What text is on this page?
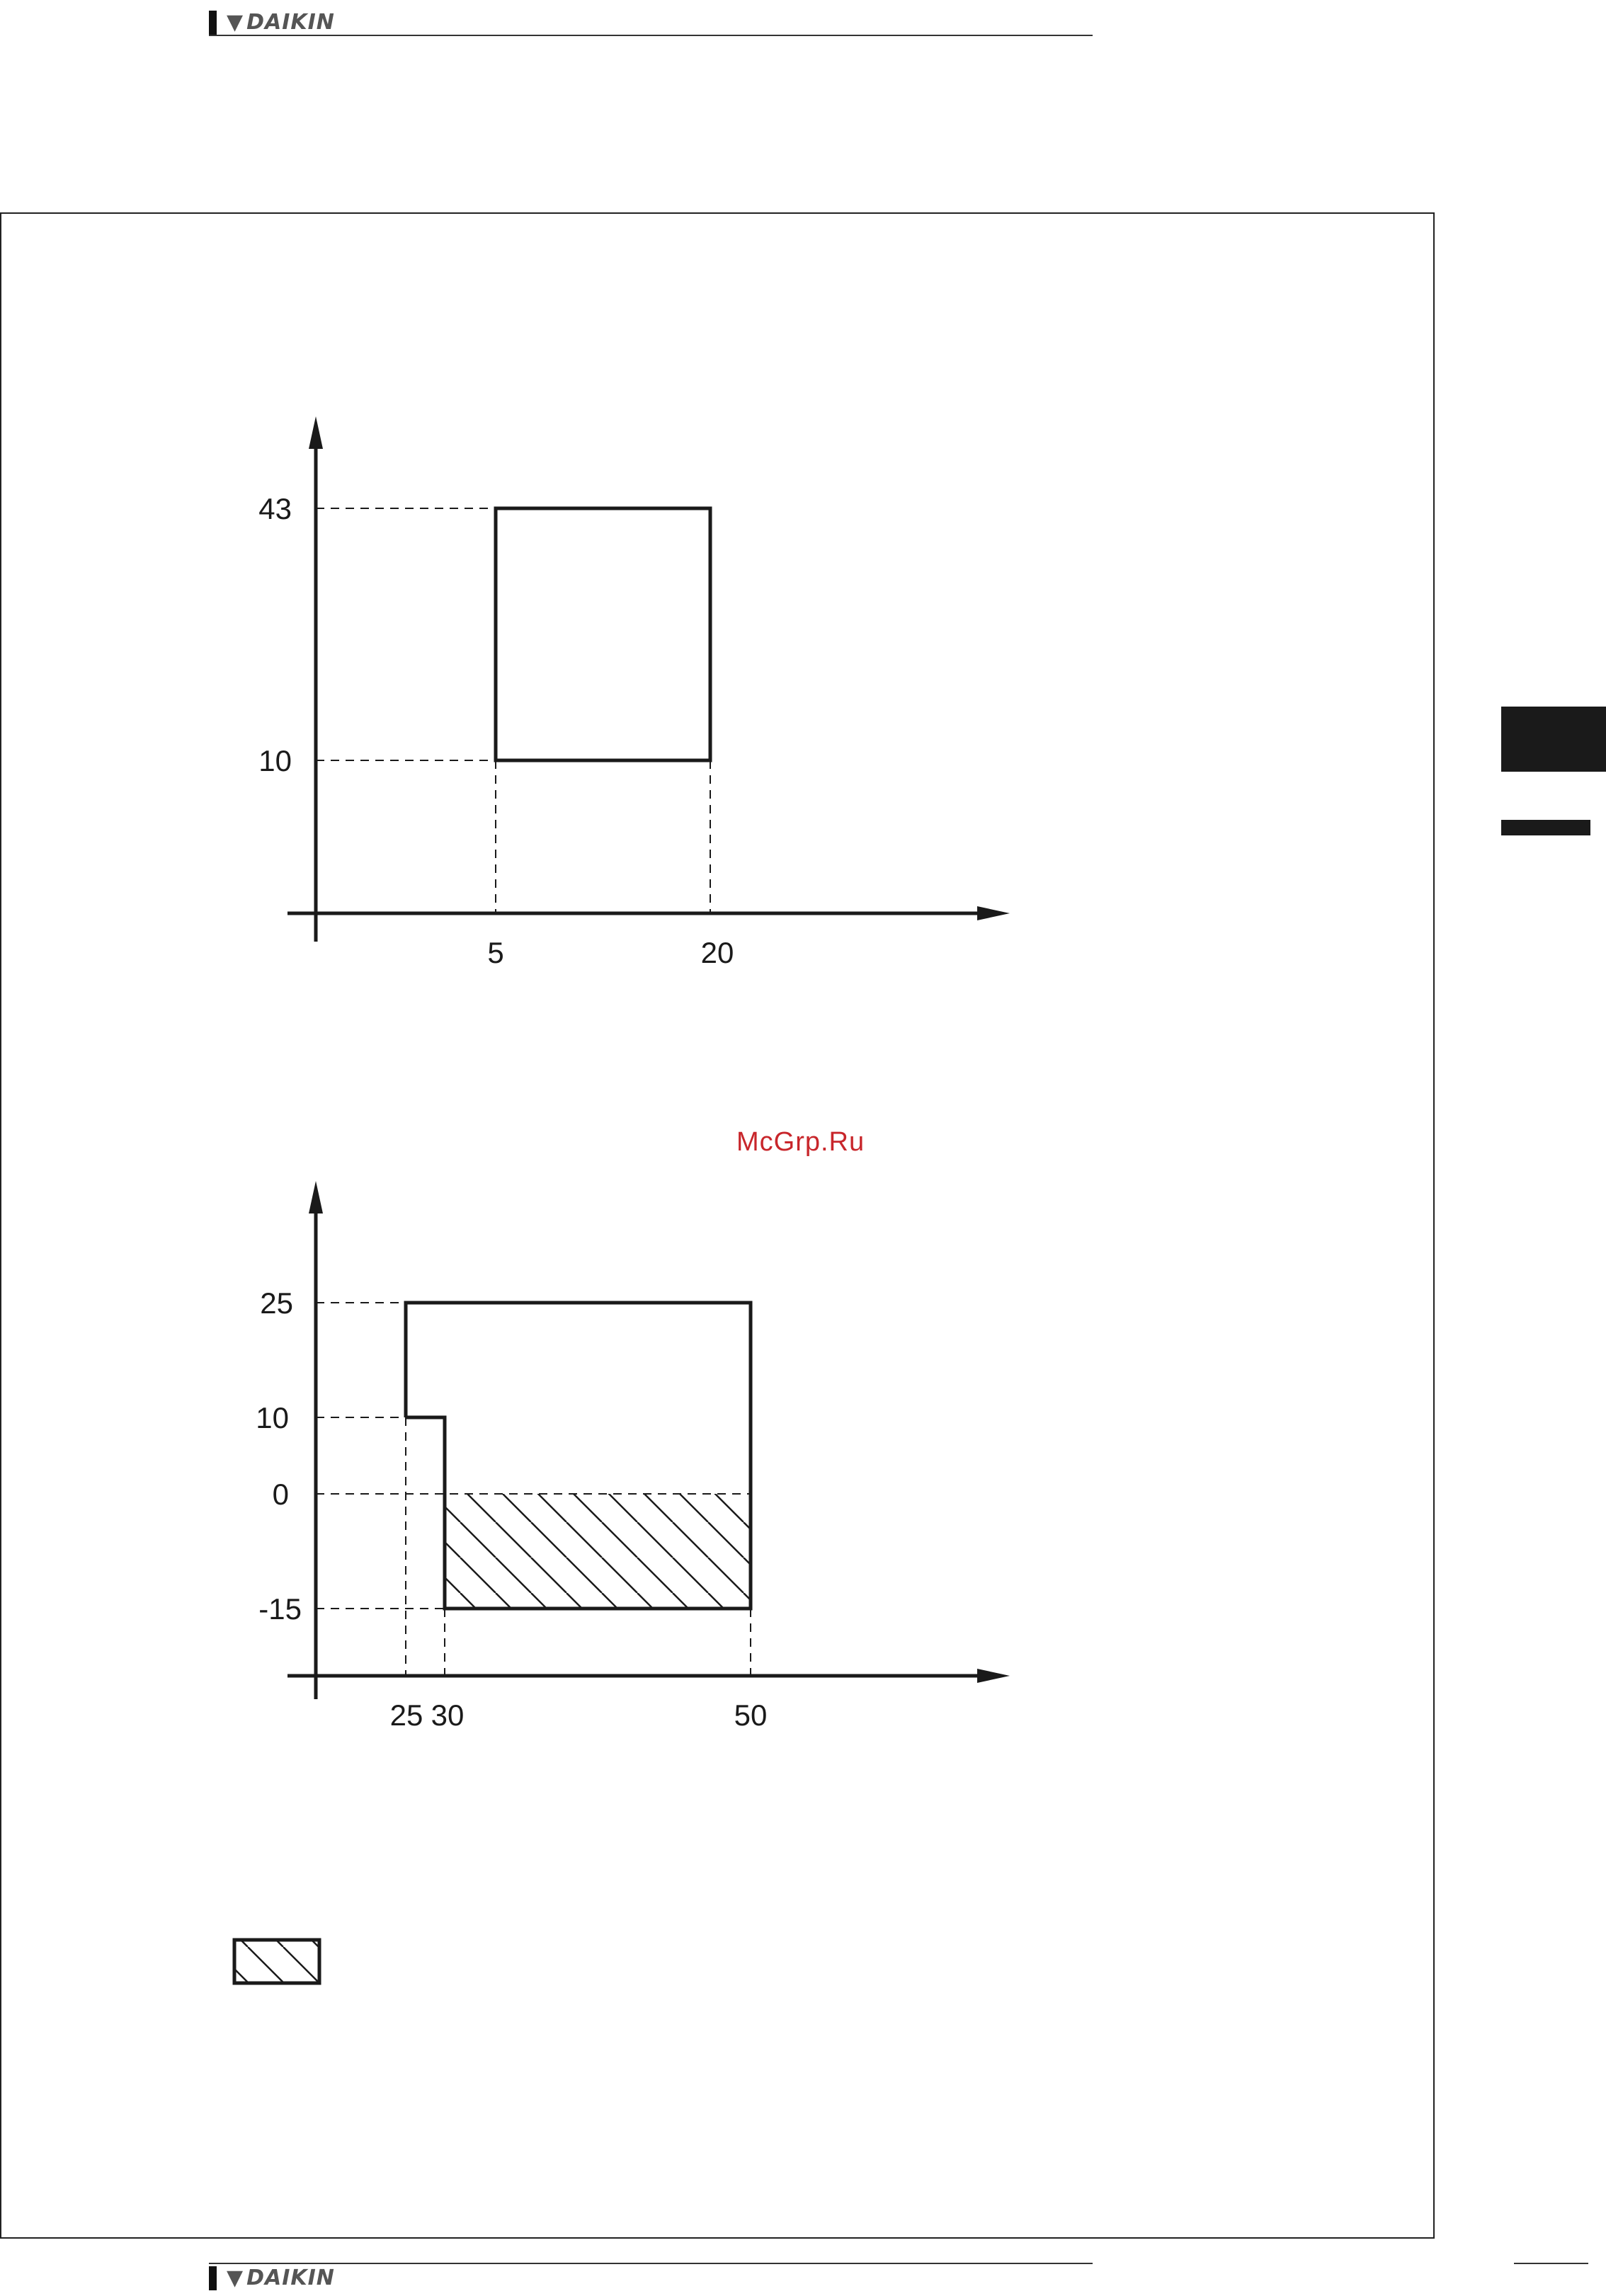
▼ DAIKIN
43
10
5	20
McGrp.Ru
25
10
0
-15
25 30	50
▼ DAIKIN
